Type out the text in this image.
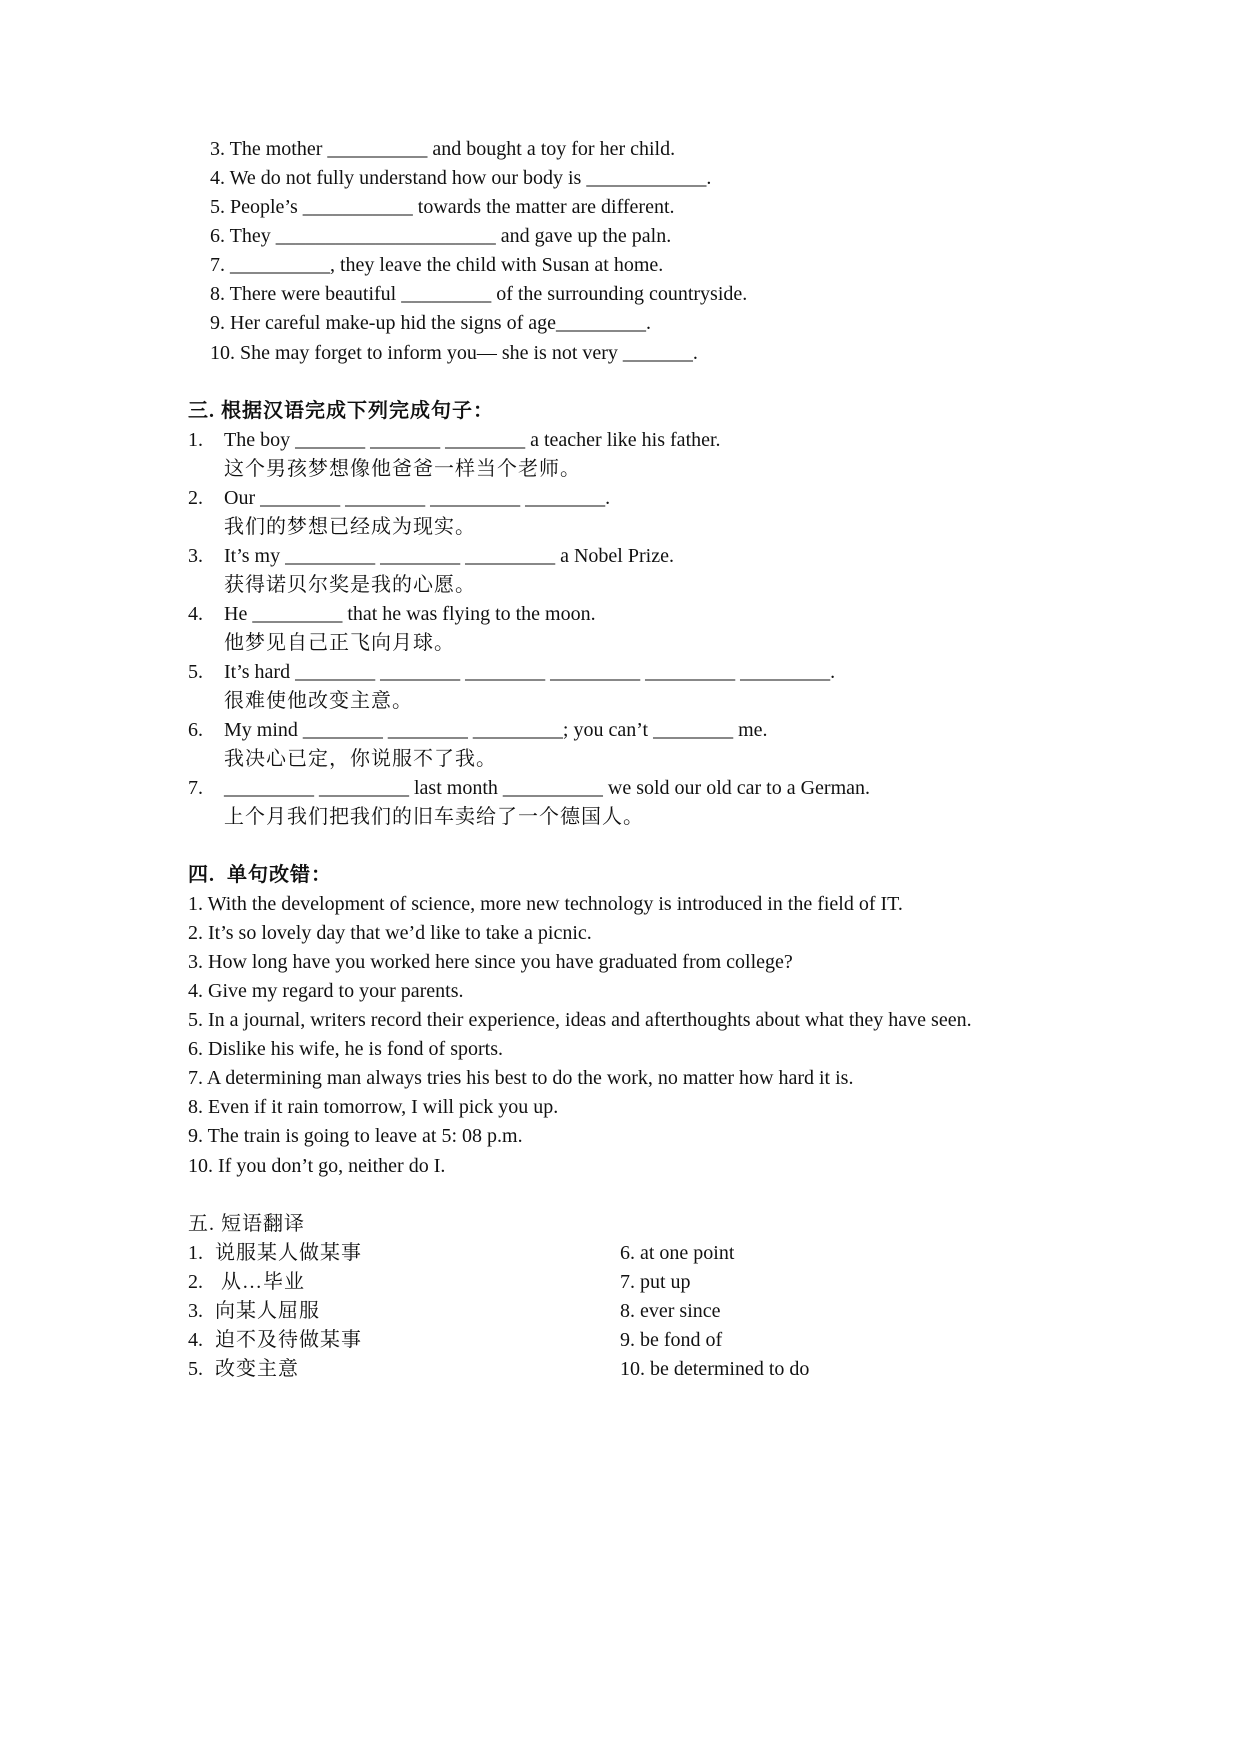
3. The mother __________ and bought a toy for her child.
4. We do not fully understand how our body is ____________.
5. People’s ___________ towards the matter are different.
6. They ______________________ and gave up the paln.
7. __________, they leave the child with Susan at home.
8. There were beautiful _________ of the surrounding countryside.
9. Her careful make-up hid the signs of age_________.
10. She may forget to inform you— she is not very _______.
三. 根据汉语完成下列完成句子：
1. The boy _______ _______ ________ a teacher like his father.
这个男孩梦想像他爸爸一样当个老师。
2. Our ________ ________ _________ ________.
我们的梦想已经成为现实。
3. It’s my _________ ________ _________ a Nobel Prize.
获得诺贝尔奖是我的心愿。
4. He _________ that he was flying to the moon.
他梦见自己正飞向月球。
5. It’s hard ________ ________ ________ _________ _________ _________.
很难使他改变主意。
6. My mind ________ ________ _________; you can’t ________ me.
我决心已定，你说服不了我。
7. _________ _________ last month __________ we sold our old car to a German.
上个月我们把我们的旧车卖给了一个德国人。
四.  单句改错：
1. With the development of science, more new technology is introduced in the field of IT.
2. It’s so lovely day that we’d like to take a picnic.
3. How long have you worked here since you have graduated from college?
4. Give my regard to your parents.
5. In a journal, writers record their experience, ideas and afterthoughts about what they have seen.
6. Dislike his wife, he is fond of sports.
7. A determining man always tries his best to do the work, no matter how hard it is.
8. Even if it rain tomorrow, I will pick you up.
9. The train is going to leave at 5: 08 p.m.
10. If you don’t go, neither do I.
五. 短语翻译
1. 说服某人做某事
2. 从…毕业
3. 向某人屈服
4. 迫不及待做某事
5. 改变主意
6. at one point
7. put up
8. ever since
9. be fond of
10. be determined to do
